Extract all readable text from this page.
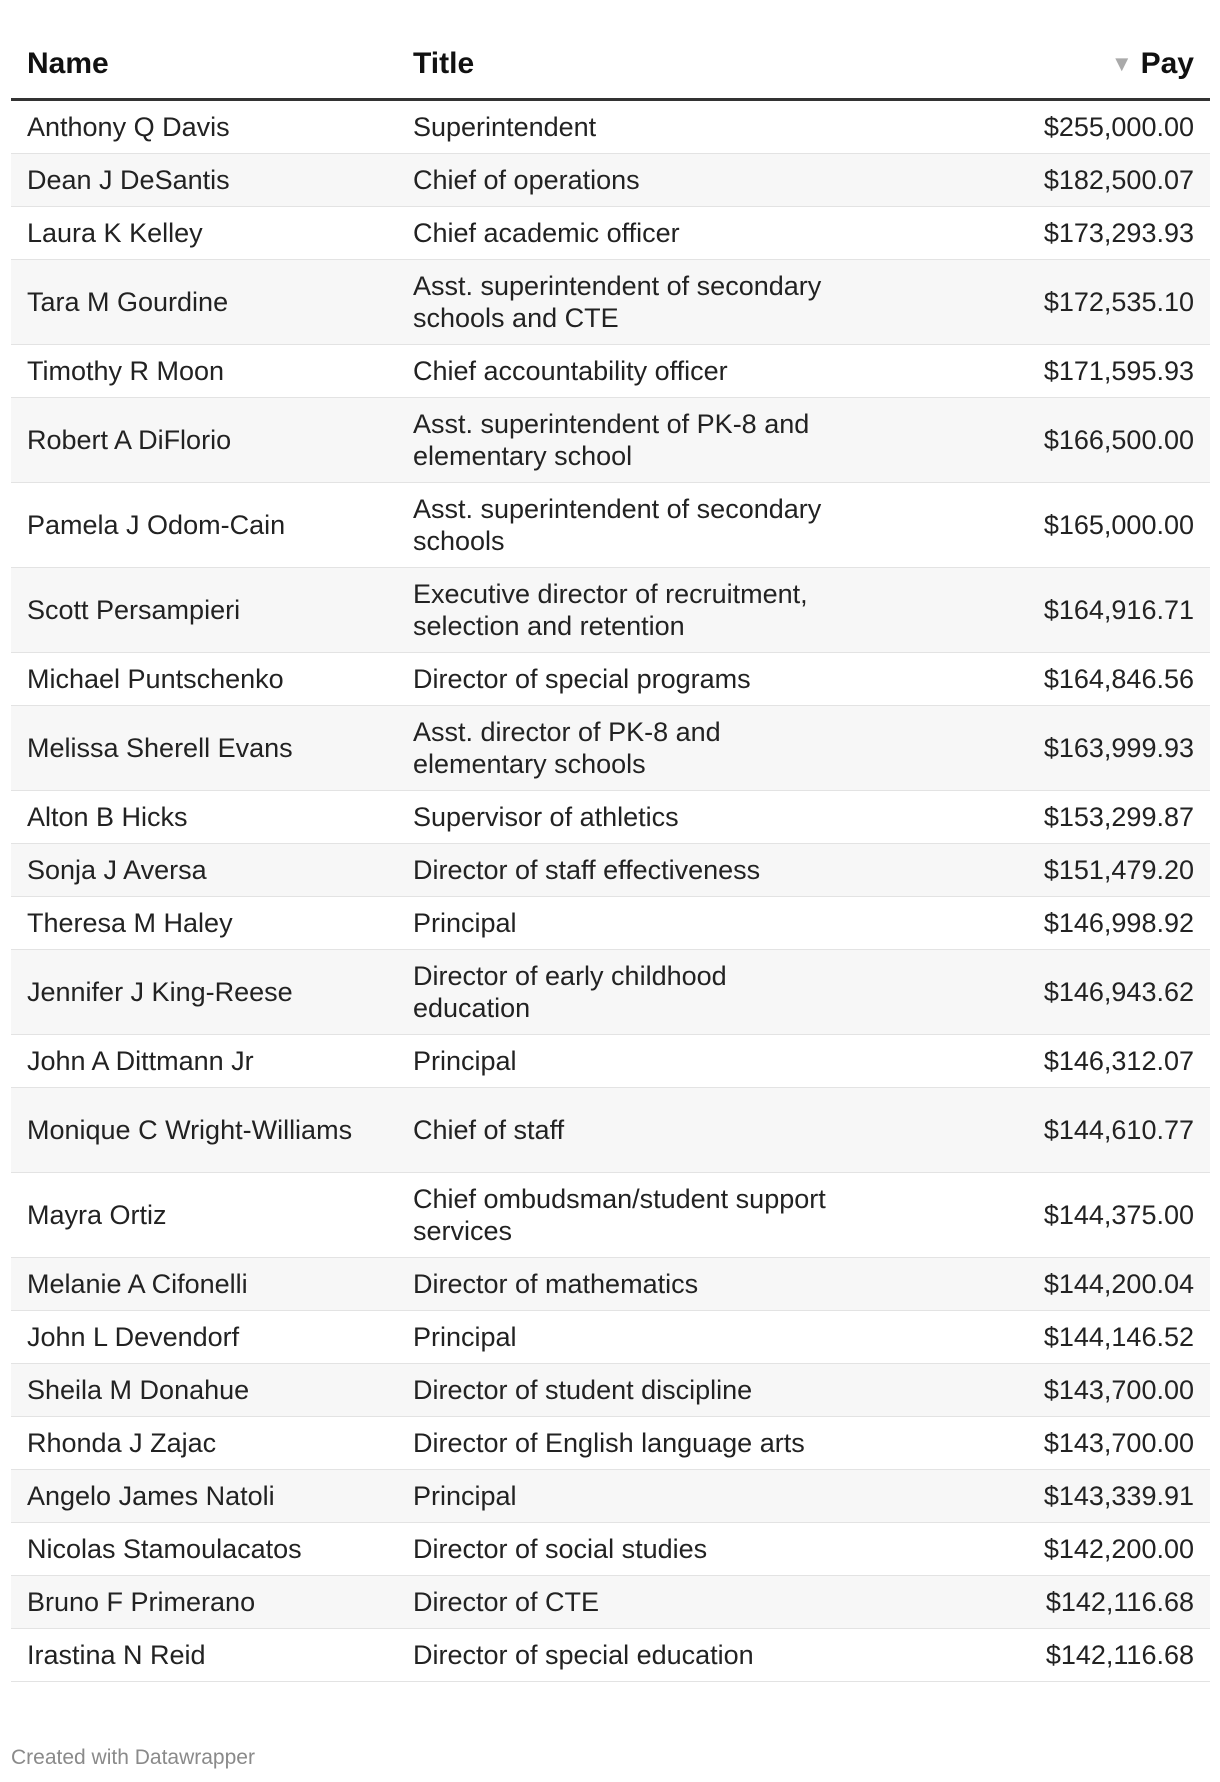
Name	Title	▼ Pay
Anthony Q Davis	Superintendent	$255,000.00
Dean J DeSantis	Chief of operations	$182,500.07
Laura K Kelley	Chief academic officer	$173,293.93
Tara M Gourdine	Asst. superintendent of secondary schools and CTE	$172,535.10
Timothy R Moon	Chief accountability officer	$171,595.93
Robert A DiFlorio	Asst. superintendent of PK-8 and elementary school	$166,500.00
Pamela J Odom-Cain	Asst. superintendent of secondary schools	$165,000.00
Scott Persampieri	Executive director of recruitment, selection and retention	$164,916.71
Michael Puntschenko	Director of special programs	$164,846.56
Melissa Sherell Evans	Asst. director of PK-8 and elementary schools	$163,999.93
Alton B Hicks	Supervisor of athletics	$153,299.87
Sonja J Aversa	Director of staff effectiveness	$151,479.20
Theresa M Haley	Principal	$146,998.92
Jennifer J King-Reese	Director of early childhood education	$146,943.62
John A Dittmann Jr	Principal	$146,312.07
Monique C Wright-Williams	Chief of staff	$144,610.77
Mayra Ortiz	Chief ombudsman/student support services	$144,375.00
Melanie A Cifonelli	Director of mathematics	$144,200.04
John L Devendorf	Principal	$144,146.52
Sheila M Donahue	Director of student discipline	$143,700.00
Rhonda J Zajac	Director of English language arts	$143,700.00
Angelo James Natoli	Principal	$143,339.91
Nicolas Stamoulacatos	Director of social studies	$142,200.00
Bruno F Primerano	Director of CTE	$142,116.68
Irastina N Reid	Director of special education	$142,116.68
Created with Datawrapper
